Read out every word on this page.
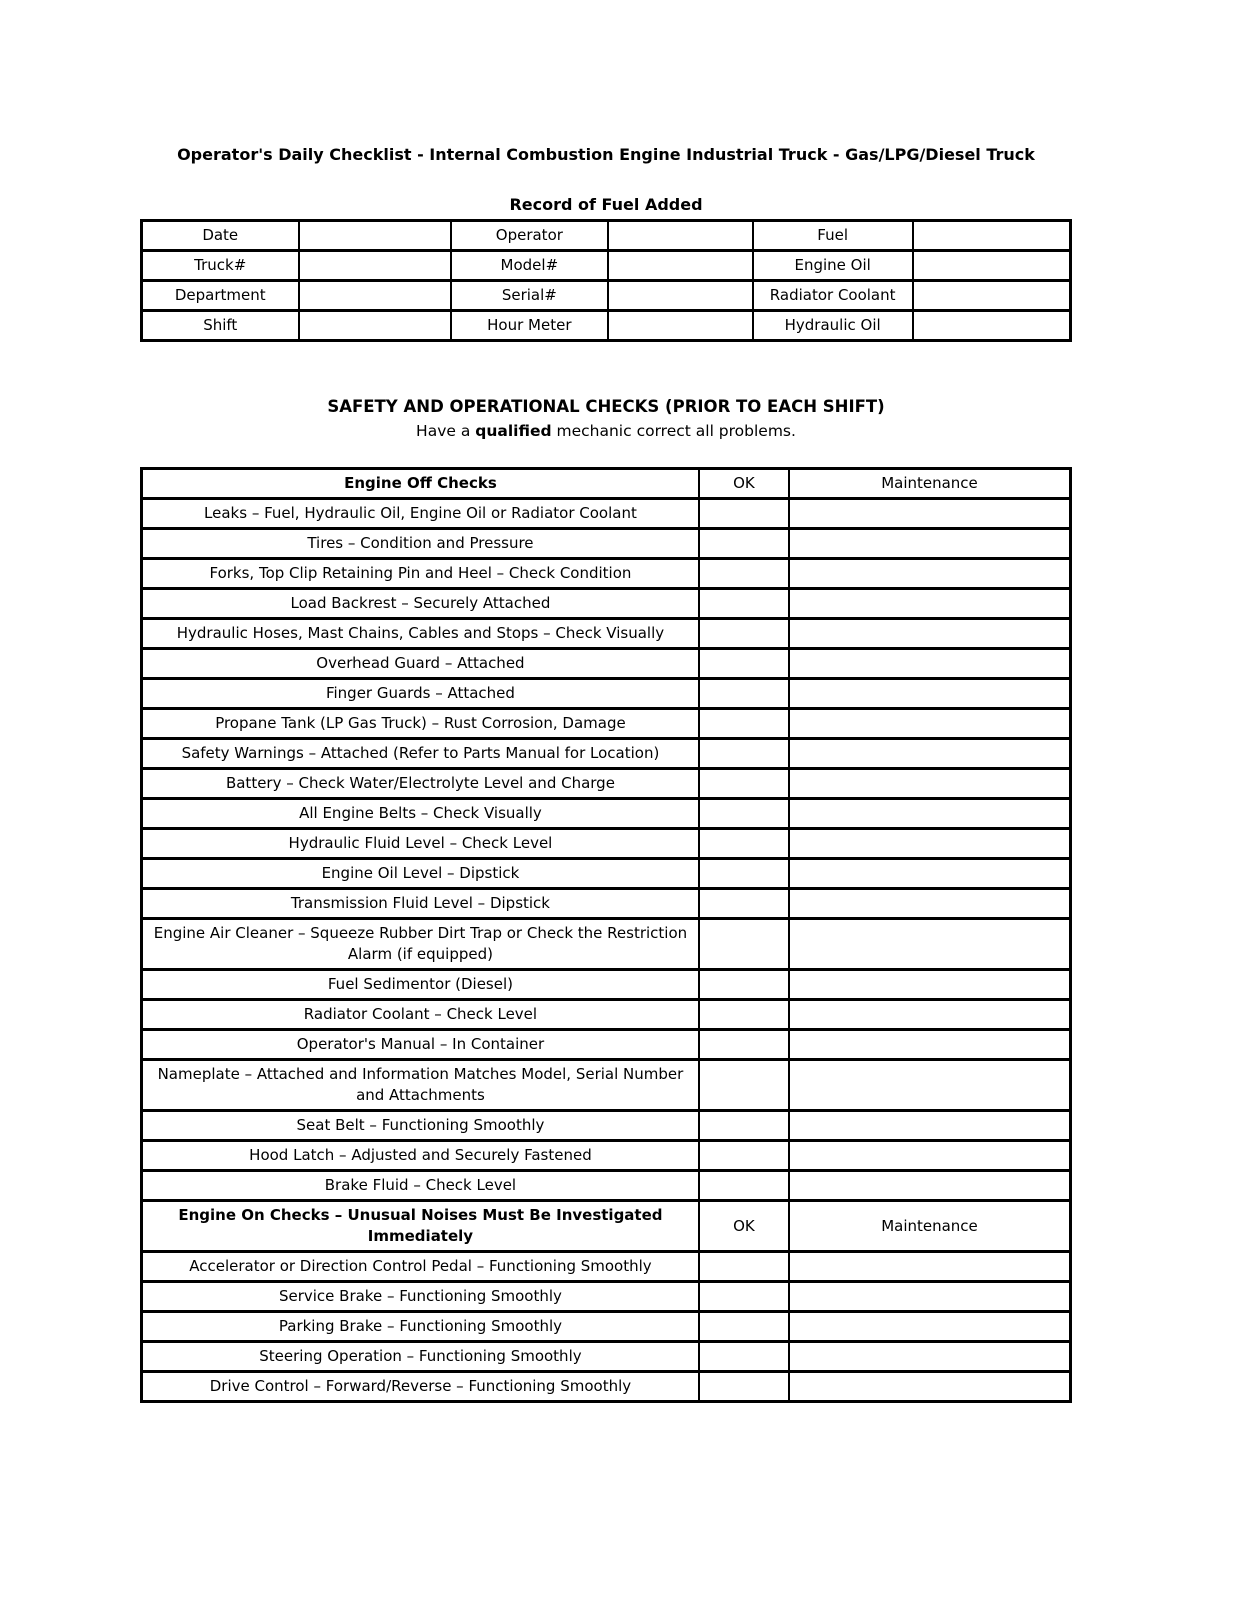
Operator's Daily Checklist - Internal Combustion Engine Industrial Truck - Gas/LPG/Diesel Truck
Record of Fuel Added
Date		Operator		Fuel	
Truck#		Model#		Engine Oil	
Department		Serial#		Radiator Coolant	
Shift		Hour Meter		Hydraulic Oil	
SAFETY AND OPERATIONAL CHECKS (PRIOR TO EACH SHIFT)
Have a qualified mechanic correct all problems.
Engine Off Checks	OK	Maintenance
Leaks – Fuel, Hydraulic Oil, Engine Oil or Radiator Coolant		
Tires – Condition and Pressure		
Forks, Top Clip Retaining Pin and Heel – Check Condition		
Load Backrest – Securely Attached		
Hydraulic Hoses, Mast Chains, Cables and Stops – Check Visually		
Overhead Guard – Attached		
Finger Guards – Attached		
Propane Tank (LP Gas Truck) – Rust Corrosion, Damage		
Safety Warnings – Attached (Refer to Parts Manual for Location)		
Battery – Check Water/Electrolyte Level and Charge		
All Engine Belts – Check Visually		
Hydraulic Fluid Level – Check Level		
Engine Oil Level – Dipstick		
Transmission Fluid Level – Dipstick		
Engine Air Cleaner – Squeeze Rubber Dirt Trap or Check the Restriction Alarm (if equipped)		
Fuel Sedimentor (Diesel)		
Radiator Coolant – Check Level		
Operator's Manual – In Container		
Nameplate – Attached and Information Matches Model, Serial Number and Attachments		
Seat Belt – Functioning Smoothly		
Hood Latch – Adjusted and Securely Fastened		
Brake Fluid – Check Level		
Engine On Checks – Unusual Noises Must Be Investigated Immediately	OK	Maintenance
Accelerator or Direction Control Pedal – Functioning Smoothly		
Service Brake – Functioning Smoothly		
Parking Brake – Functioning Smoothly		
Steering Operation – Functioning Smoothly		
Drive Control – Forward/Reverse – Functioning Smoothly		
